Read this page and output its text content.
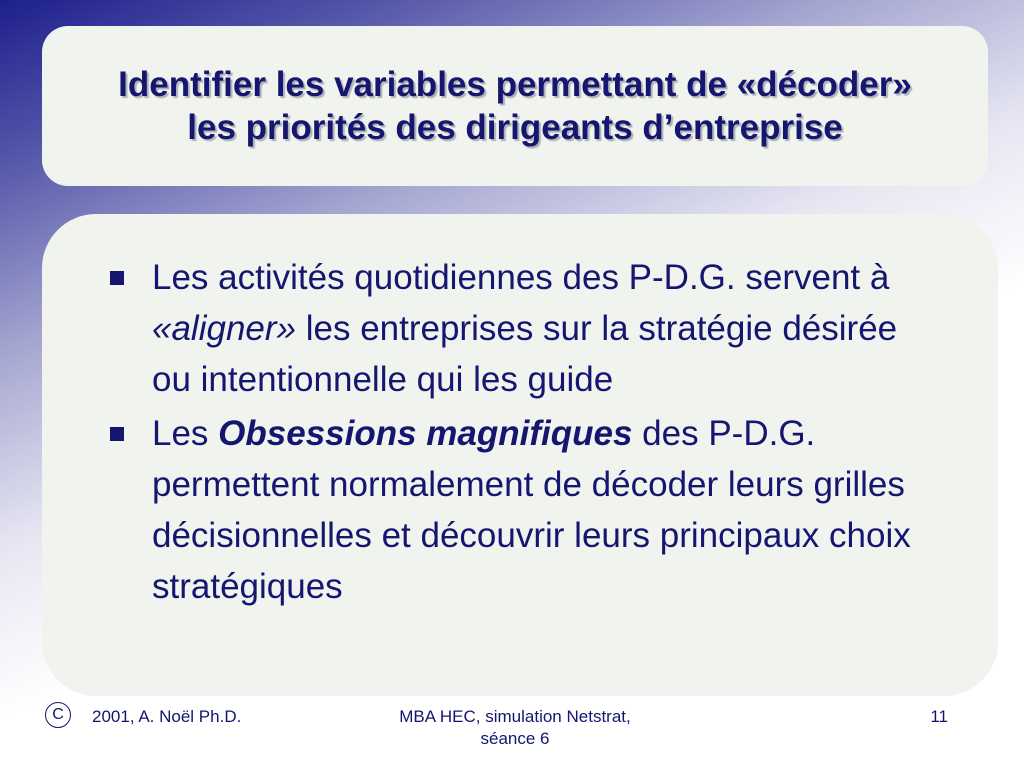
Identifier les variables permettant de «décoder»
les priorités des dirigeants d’entreprise
Les activités quotidiennes des P-D.G. servent à «aligner» les entreprises sur la stratégie désirée ou intentionnelle qui les guide
Les Obsessions magnifiques des P-D.G. permettent normalement de décoder leurs grilles décisionnelles et découvrir leurs principaux choix stratégiques
C 2001, A. Noël Ph.D.	MBA HEC, simulation Netstrat,
séance 6
11
